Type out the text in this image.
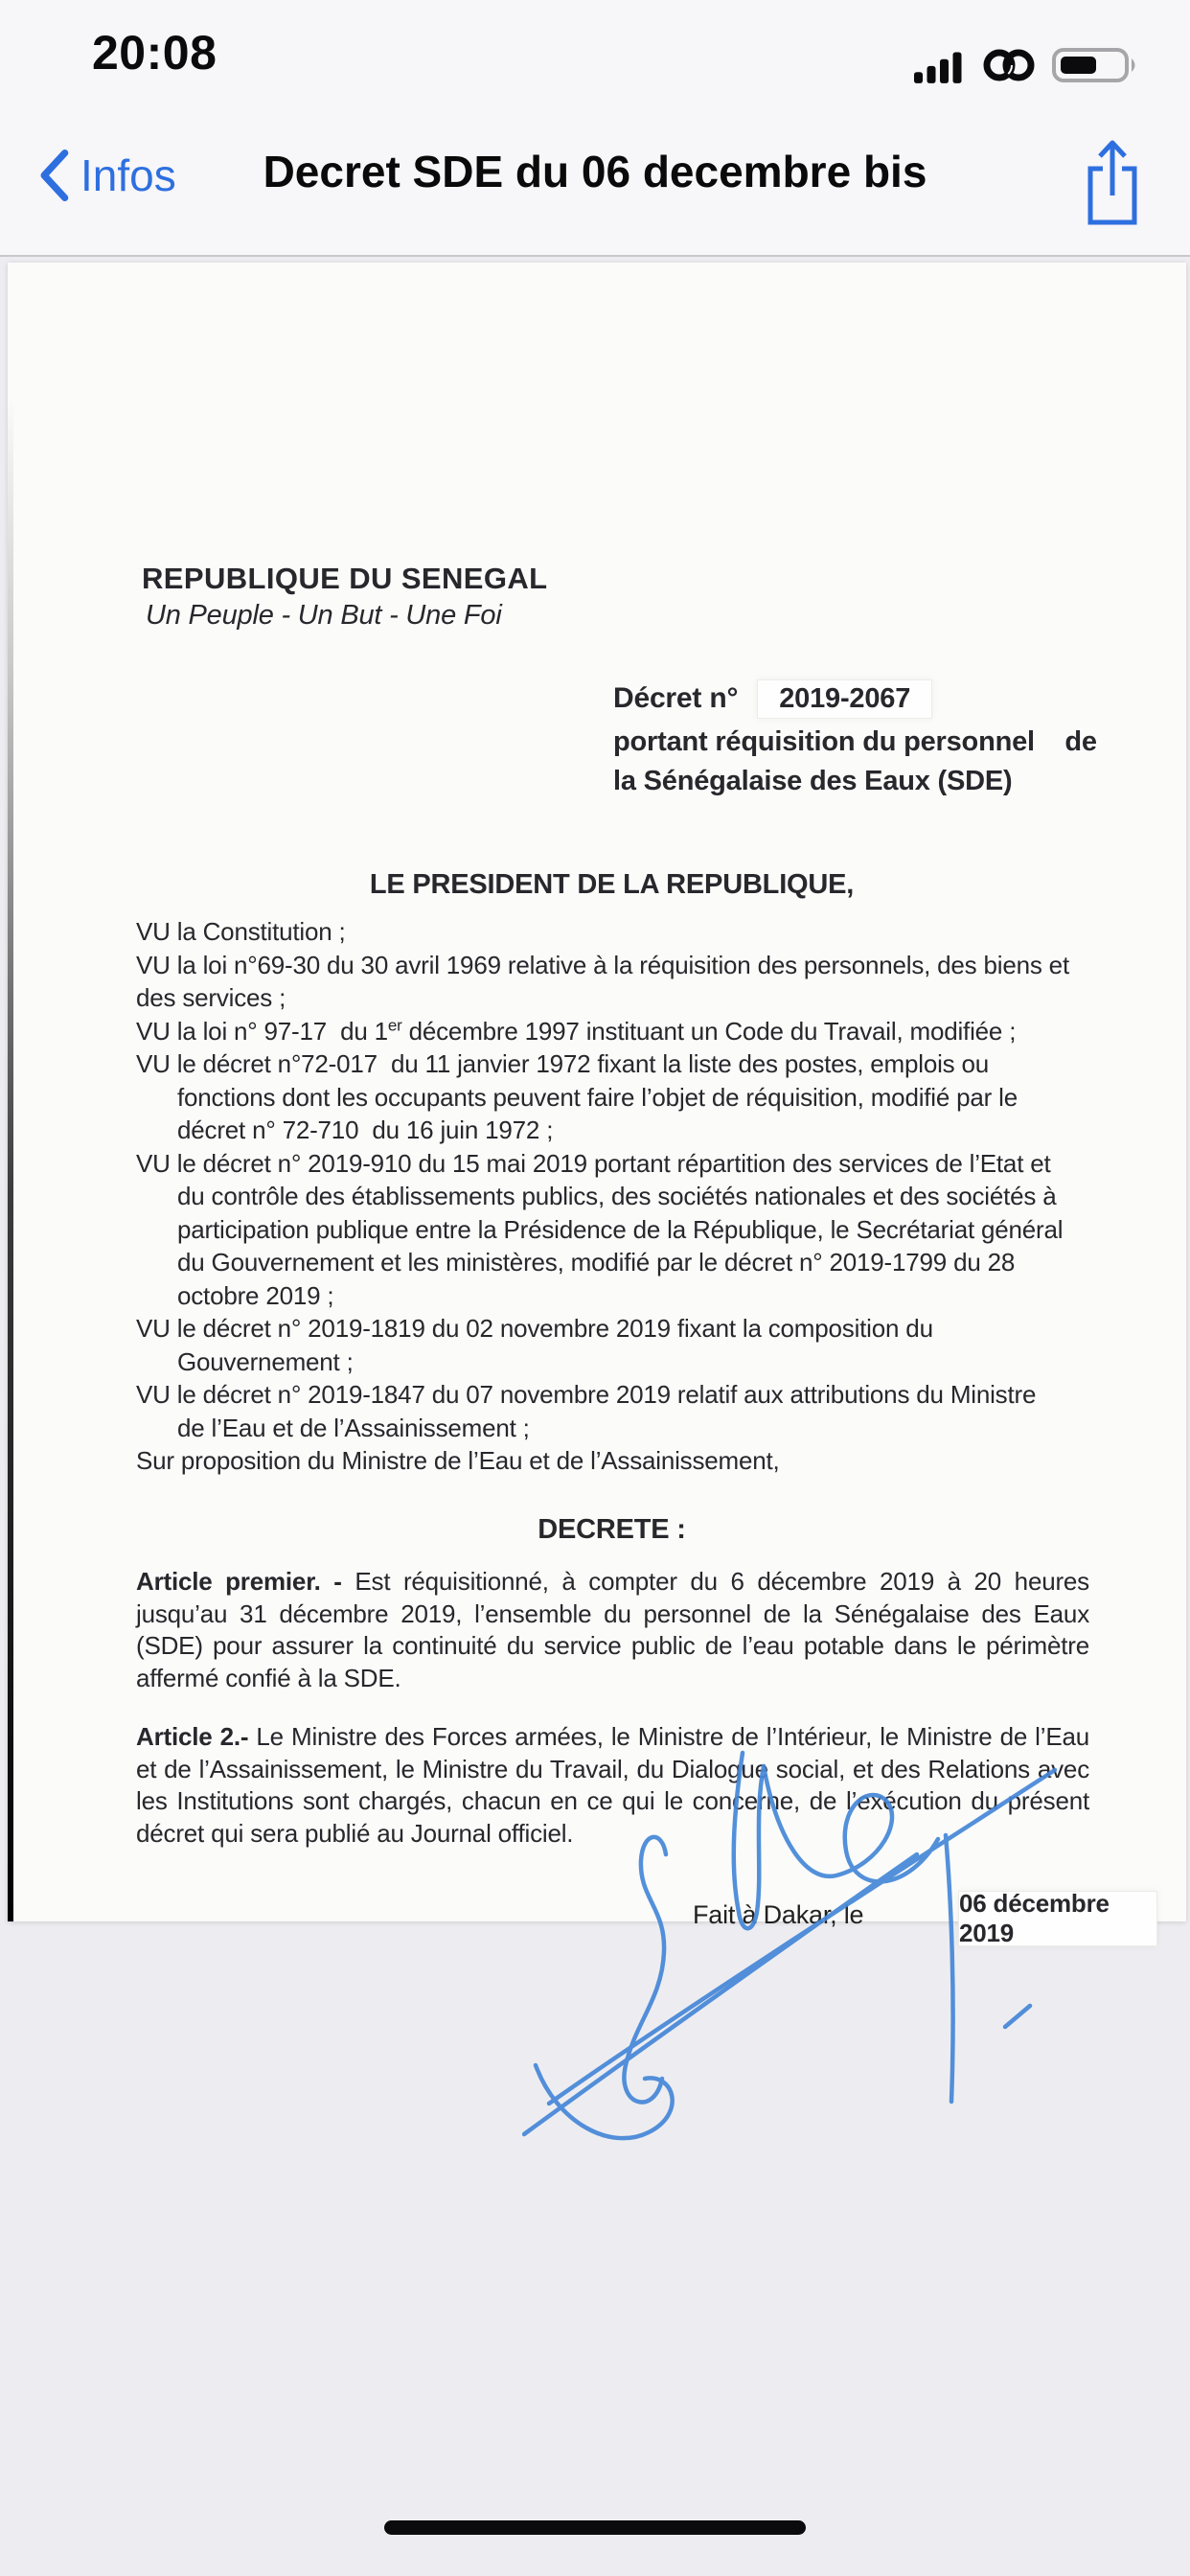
20:08
Infos	Decret SDE du 06 decembre bis
REPUBLIQUE DU SENEGAL
Un Peuple - Un But - Une Foi
Décret n°	2019-2067
portant réquisition du personnel    de
la Sénégalaise des Eaux (SDE)
LE PRESIDENT DE LA REPUBLIQUE,
VU la Constitution ;
VU la loi n°69-30 du 30 avril 1969 relative à la réquisition des personnels, des biens et
des services ;
VU la loi n° 97-17  du 1er décembre 1997 instituant un Code du Travail, modifiée ;
VU le décret n°72-017  du 11 janvier 1972 fixant la liste des postes, emplois ou
fonctions dont les occupants peuvent faire l’objet de réquisition, modifié par le
décret n° 72-710  du 16 juin 1972 ;
VU le décret n° 2019-910 du 15 mai 2019 portant répartition des services de l’Etat et
du contrôle des établissements publics, des sociétés nationales et des sociétés à
participation publique entre la Présidence de la République, le Secrétariat général
du Gouvernement et les ministères, modifié par le décret n° 2019-1799 du 28
octobre 2019 ;
VU le décret n° 2019-1819 du 02 novembre 2019 fixant la composition du
Gouvernement ;
VU le décret n° 2019-1847 du 07 novembre 2019 relatif aux attributions du Ministre
de l’Eau et de l’Assainissement ;
Sur proposition du Ministre de l’Eau et de l’Assainissement,
DECRETE :
Article premier. - Est réquisitionné, à compter du 6 décembre 2019 à 20 heures jusqu’au 31 décembre 2019, l’ensemble du personnel de la Sénégalaise des Eaux (SDE) pour assurer la continuité du service public de l’eau potable dans le périmètre affermé confié à la SDE.
Article 2.- Le Ministre des Forces armées, le Ministre de l’Intérieur, le Ministre de l’Eau et de l’Assainissement, le Ministre du Travail, du Dialogue social, et des Relations avec les Institutions sont chargés, chacun en ce qui le concerne, de l’exécution du présent décret qui sera publié au Journal officiel.
Fait à Dakar, le	06 décembre 2019
